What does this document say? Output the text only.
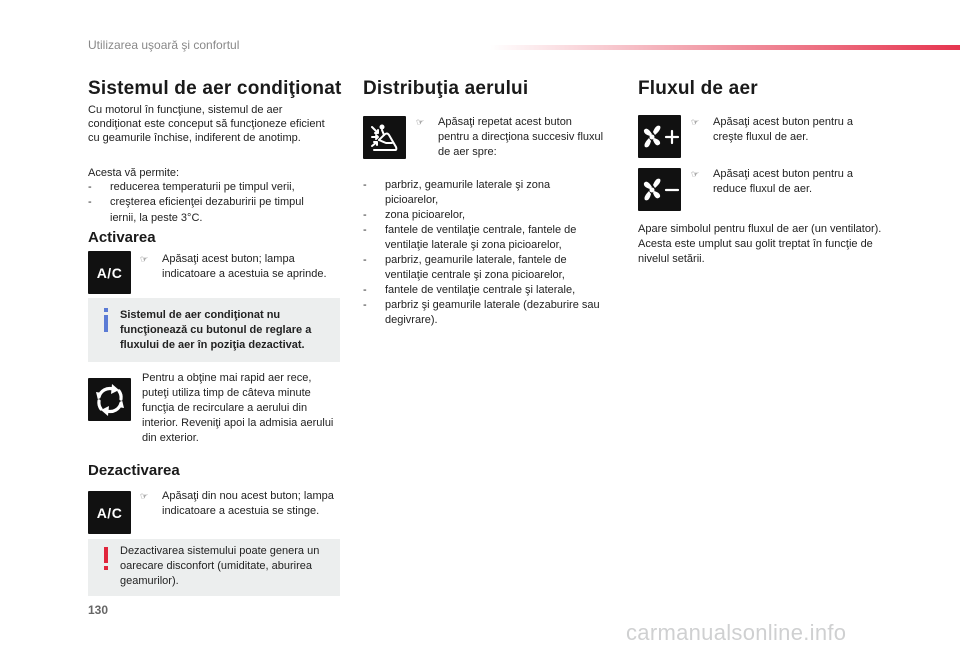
Utilizarea uşoară şi confortul
Sistemul de aer condiţionat
Cu motorul în funcţiune, sistemul de aer condiţionat este conceput să funcţioneze eficient cu geamurile închise, indiferent de anotimp.
Acesta vă permite:
- reducerea temperaturii pe timpul verii,
- creşterea eficienţei dezaburirii pe timpul iernii, la peste 3°C.
Activarea
A/C
☞	Apăsaţi acest buton; lampa indicatoare a acestuia se aprinde.
Sistemul de aer condiţionat nu funcţionează cu butonul de reglare a fluxului de aer în poziţia dezactivat.
Pentru a obţine mai rapid aer rece, puteţi utiliza timp de câteva minute funcţia de recirculare a aerului din interior. Reveniţi apoi la admisia aerului din exterior.
Dezactivarea
A/C
☞	Apăsaţi din nou acest buton; lampa indicatoare a acestuia se stinge.
Dezactivarea sistemului poate genera un oarecare disconfort (umiditate, aburirea geamurilor).
Distribuţia aerului
☞	Apăsaţi repetat acest buton pentru a direcţiona succesiv fluxul de aer spre:
- parbriz, geamurile laterale şi zona picioarelor,
- zona picioarelor,
- fantele de ventilaţie centrale, fantele de ventilaţie laterale şi zona picioarelor,
- parbriz, geamurile laterale, fantele de ventilaţie centrale şi zona picioarelor,
- fantele de ventilaţie centrale şi laterale,
- parbriz şi geamurile laterale (dezaburire sau degivrare).
Fluxul de aer
☞	Apăsaţi acest buton pentru a creşte fluxul de aer.
☞	Apăsaţi acest buton pentru a reduce fluxul de aer.
Apare simbolul pentru fluxul de aer (un ventilator). Acesta este umplut sau golit treptat în funcţie de nivelul setării.
130
carmanualsonline.info
